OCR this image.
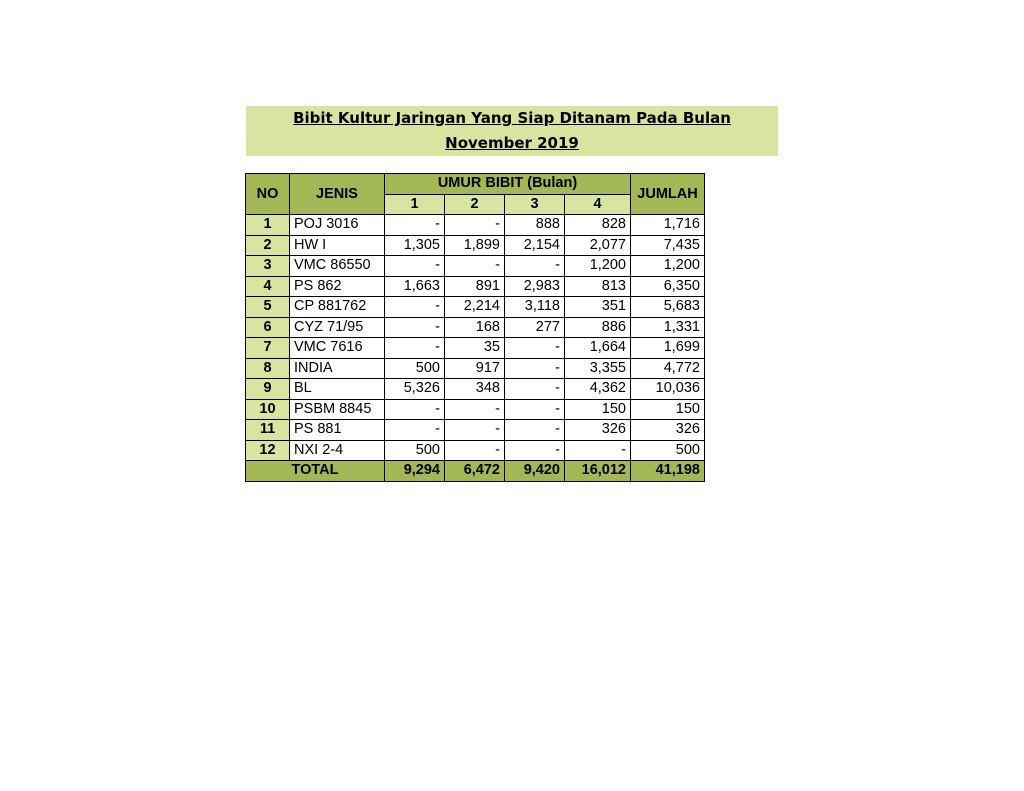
Bibit Kultur Jaringan Yang Siap Ditanam Pada Bulan
November 2019
NO	JENIS	UMUR BIBIT (Bulan)				JUMLAH
		1	2	3	4	
1	POJ 3016	-	-	888	828	1,716
2	HW I	1,305	1,899	2,154	2,077	7,435
3	VMC 86550	-	-	-	1,200	1,200
4	PS 862	1,663	891	2,983	813	6,350
5	CP 881762	-	2,214	3,118	351	5,683
6	CYZ 71/95	-	168	277	886	1,331
7	VMC 7616	-	35	-	1,664	1,699
8	INDIA	500	917	-	3,355	4,772
9	BL	5,326	348	-	4,362	10,036
10	PSBM 8845	-	-	-	150	150
11	PS 881	-	-	-	326	326
12	NXI 2-4	500	-	-	-	500
TOTAL		9,294	6,472	9,420	16,012	41,198
